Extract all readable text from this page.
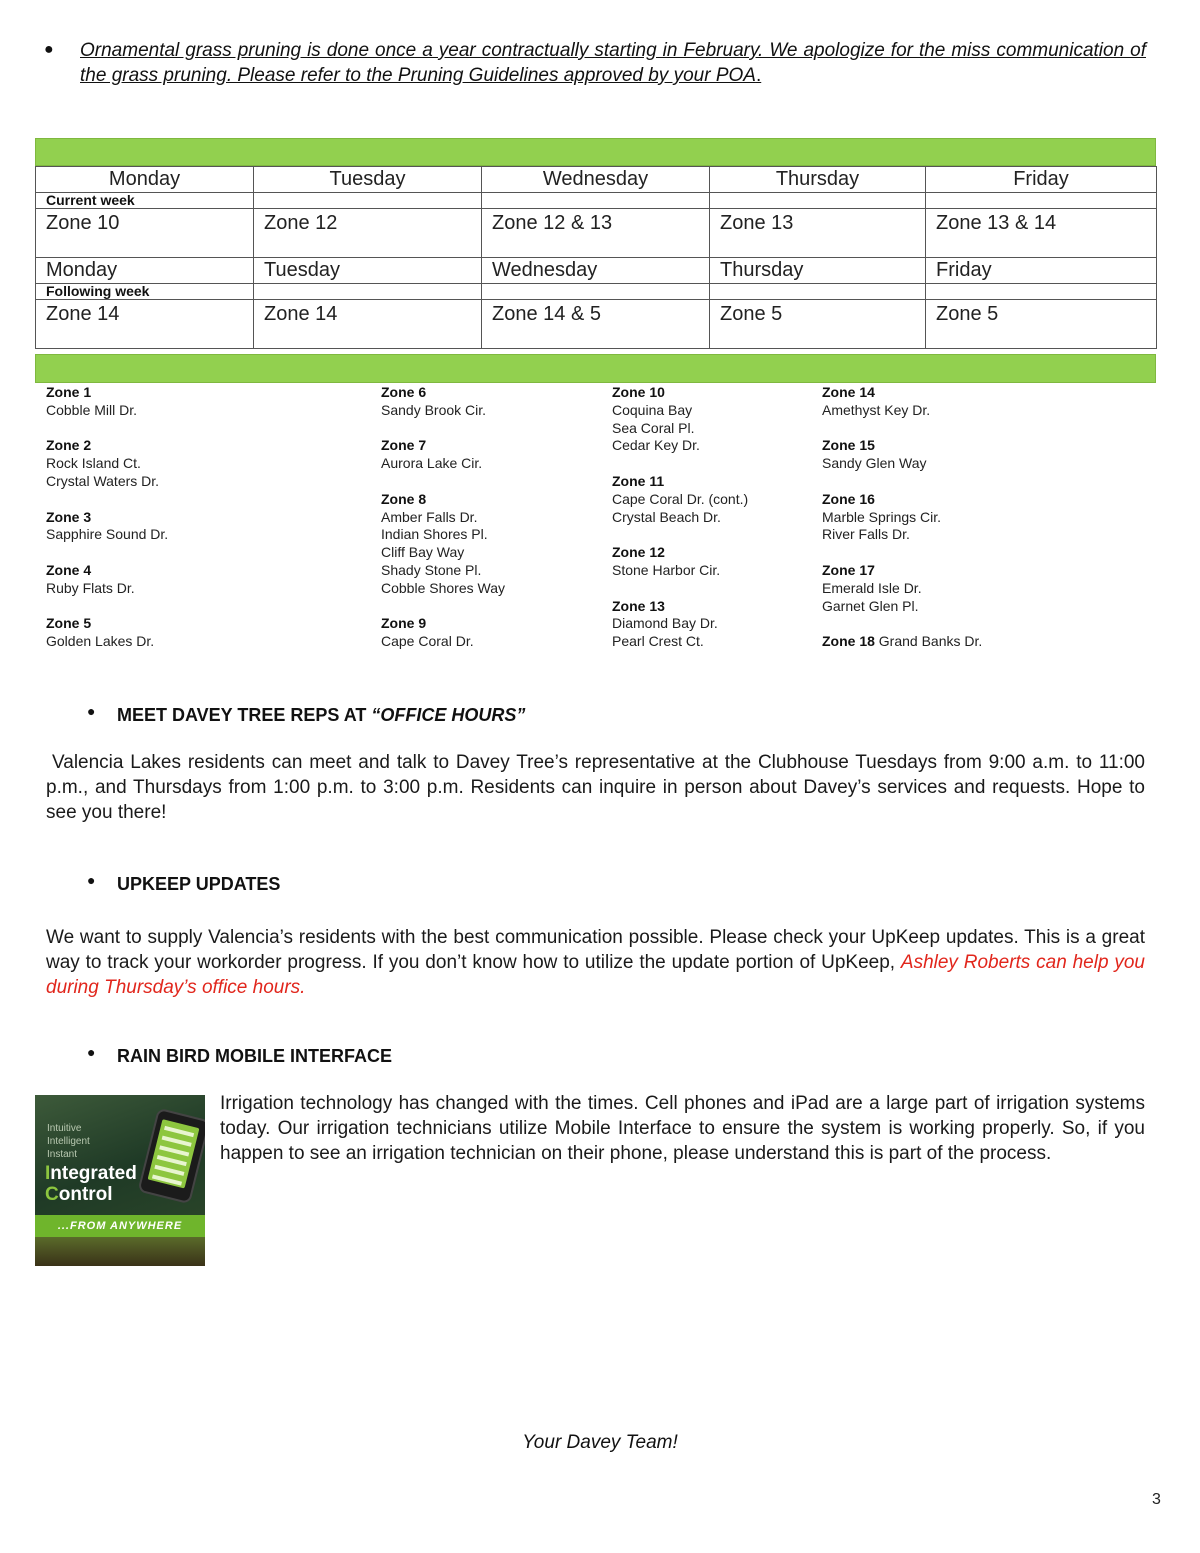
● Ornamental grass pruning is done once a year contractually starting in February. We apologize for the miss communication of the grass pruning. Please refer to the Pruning Guidelines approved by your POA.
Monday	Tuesday	Wednesday	Thursday	Friday
Current week				
Zone 10	Zone 12	Zone 12 & 13	Zone 13	Zone 13 & 14
Monday	Tuesday	Wednesday	Thursday	Friday
Following week				
Zone 14	Zone 14	Zone 14 & 5	Zone 5	Zone 5
Zone 1
Cobble Mill Dr.
Zone 2
Rock Island Ct.
Crystal Waters Dr.
Zone 3
Sapphire Sound Dr.
Zone 4
Ruby Flats Dr.
Zone 5
Golden Lakes Dr.
Zone 6
Sandy Brook Cir.
Zone 7
Aurora Lake Cir.
Zone 8
Amber Falls Dr.
Indian Shores Pl.
Cliff Bay Way
Shady Stone Pl.
Cobble Shores Way
Zone 9
Cape Coral Dr.
Zone 10
Coquina Bay
Sea Coral Pl.
Cedar Key Dr.
Zone 11
Cape Coral Dr. (cont.)
Crystal Beach Dr.
Zone 12
Stone Harbor Cir.
Zone 13
Diamond Bay Dr.
Pearl Crest Ct.
Zone 14
Amethyst Key Dr.
Zone 15
Sandy Glen Way
Zone 16
Marble Springs Cir.
River Falls Dr.
Zone 17
Emerald Isle Dr.
Garnet Glen Pl.
Zone 18 Grand Banks Dr.
● MEET DAVEY TREE REPS AT “OFFICE HOURS”
Valencia Lakes residents can meet and talk to Davey Tree’s representative at the Clubhouse Tuesdays from 9:00 a.m. to 11:00 p.m., and Thursdays from 1:00 p.m. to 3:00 p.m. Residents can inquire in person about Davey’s services and requests. Hope to see you there!
● UPKEEP UPDATES
We want to supply Valencia’s residents with the best communication possible. Please check your UpKeep updates. This is a great way to track your workorder progress. If you don’t know how to utilize the update portion of UpKeep, Ashley Roberts can help you during Thursday’s office hours.
● RAIN BIRD MOBILE INTERFACE
Intuitive
Intelligent
Instant
Integrated
Control
...FROM ANYWHERE
Irrigation technology has changed with the times. Cell phones and iPad are a large part of irrigation systems today. Our irrigation technicians utilize Mobile Interface to ensure the system is working properly. So, if you happen to see an irrigation technician on their phone, please understand this is part of the process.
Your Davey Team!
3
